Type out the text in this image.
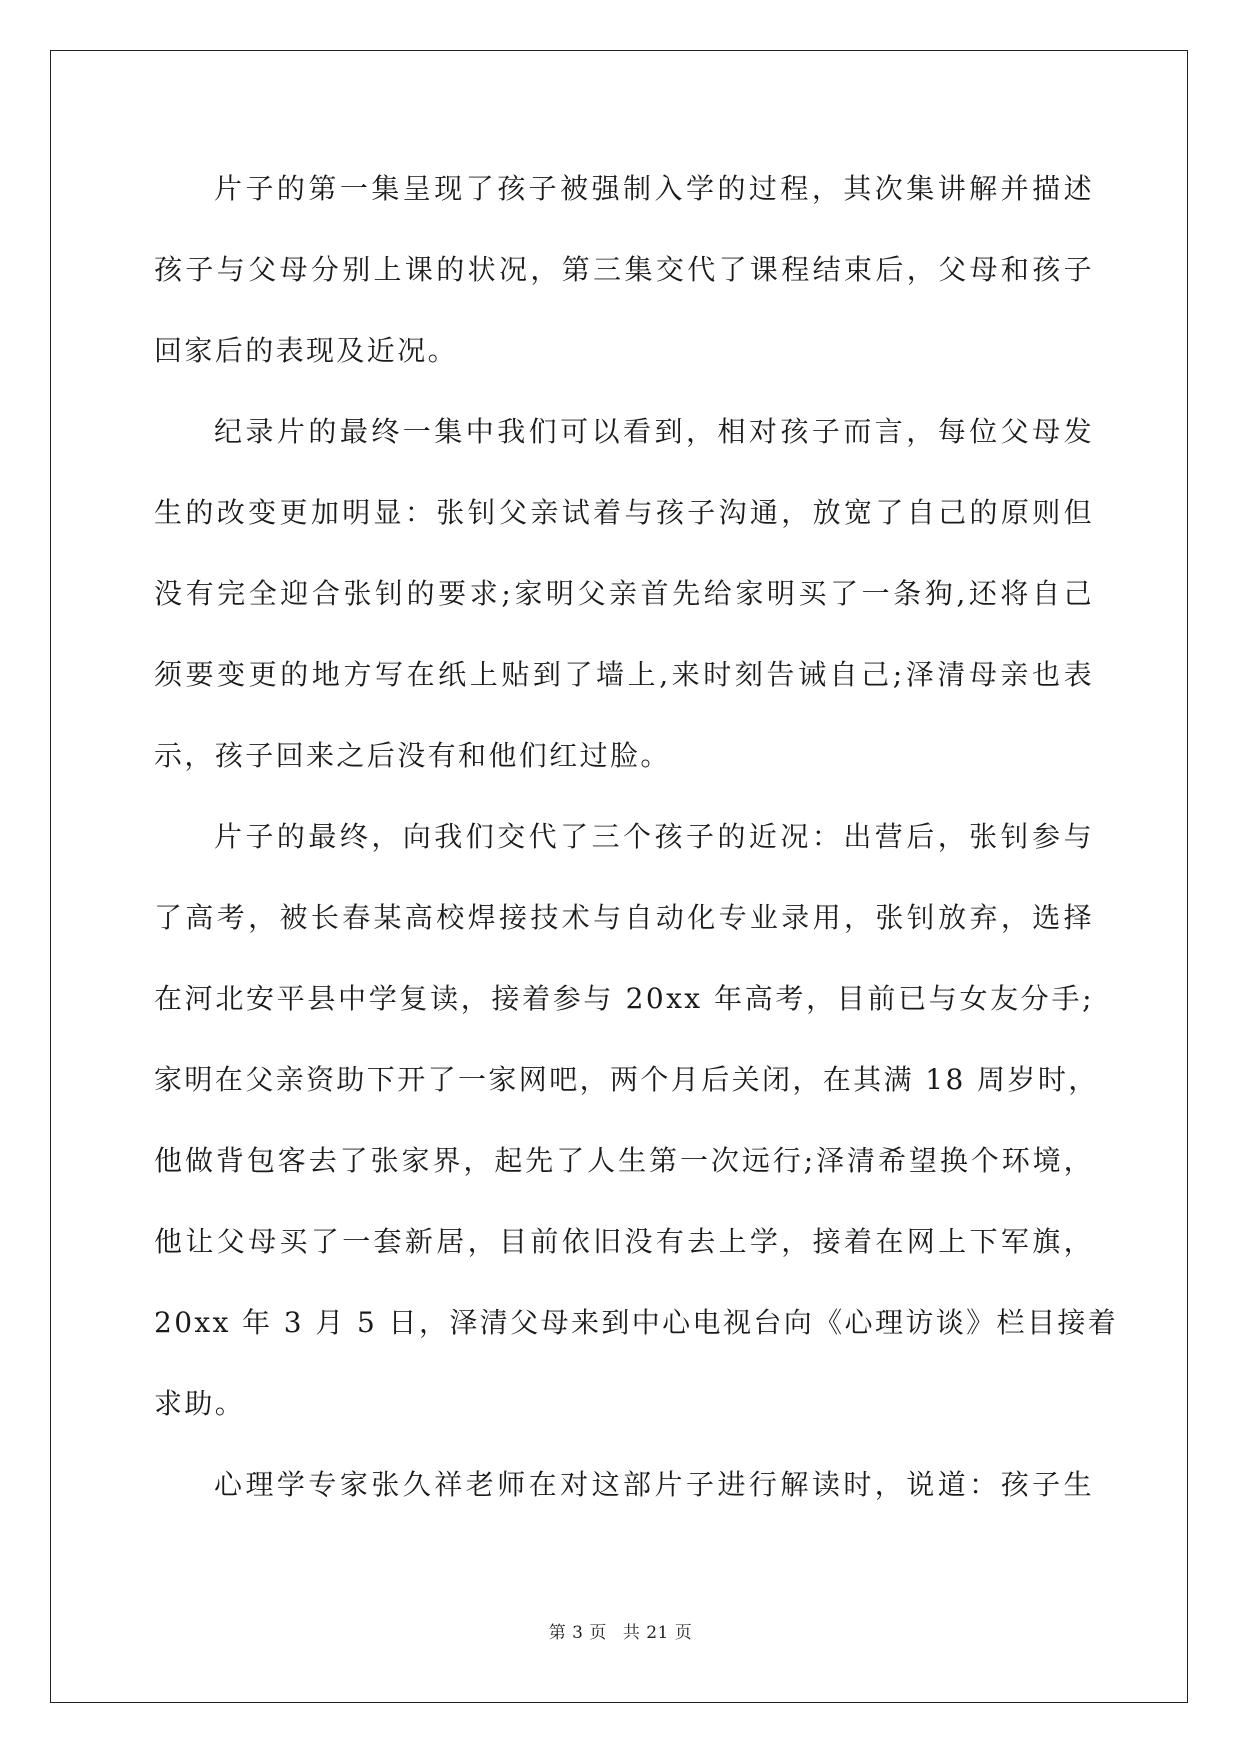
片子的第一集呈现了孩子被强制入学的过程，其次集讲解并描述
孩子与父母分别上课的状况，第三集交代了课程结束后，父母和孩子
回家后的表现及近况。
纪录片的最终一集中我们可以看到，相对孩子而言，每位父母发
生的改变更加明显：张钊父亲试着与孩子沟通，放宽了自己的原则但
没有完全迎合张钊的要求;家明父亲首先给家明买了一条狗,还将自己
须要变更的地方写在纸上贴到了墙上,来时刻告诫自己;泽清母亲也表
示，孩子回来之后没有和他们红过脸。
片子的最终，向我们交代了三个孩子的近况：出营后，张钊参与
了高考，被长春某高校焊接技术与自动化专业录用，张钊放弃，选择
在河北安平县中学复读，接着参与 20xx 年高考，目前已与女友分手;
家明在父亲资助下开了一家网吧，两个月后关闭，在其满 18 周岁时，
他做背包客去了张家界，起先了人生第一次远行;泽清希望换个环境，
他让父母买了一套新居，目前依旧没有去上学，接着在网上下军旗，
20xx 年 3 月 5 日，泽清父母来到中心电视台向《心理访谈》栏目接着
求助。
心理学专家张久祥老师在对这部片子进行解读时，说道：孩子生
第 3 页 共 21 页
